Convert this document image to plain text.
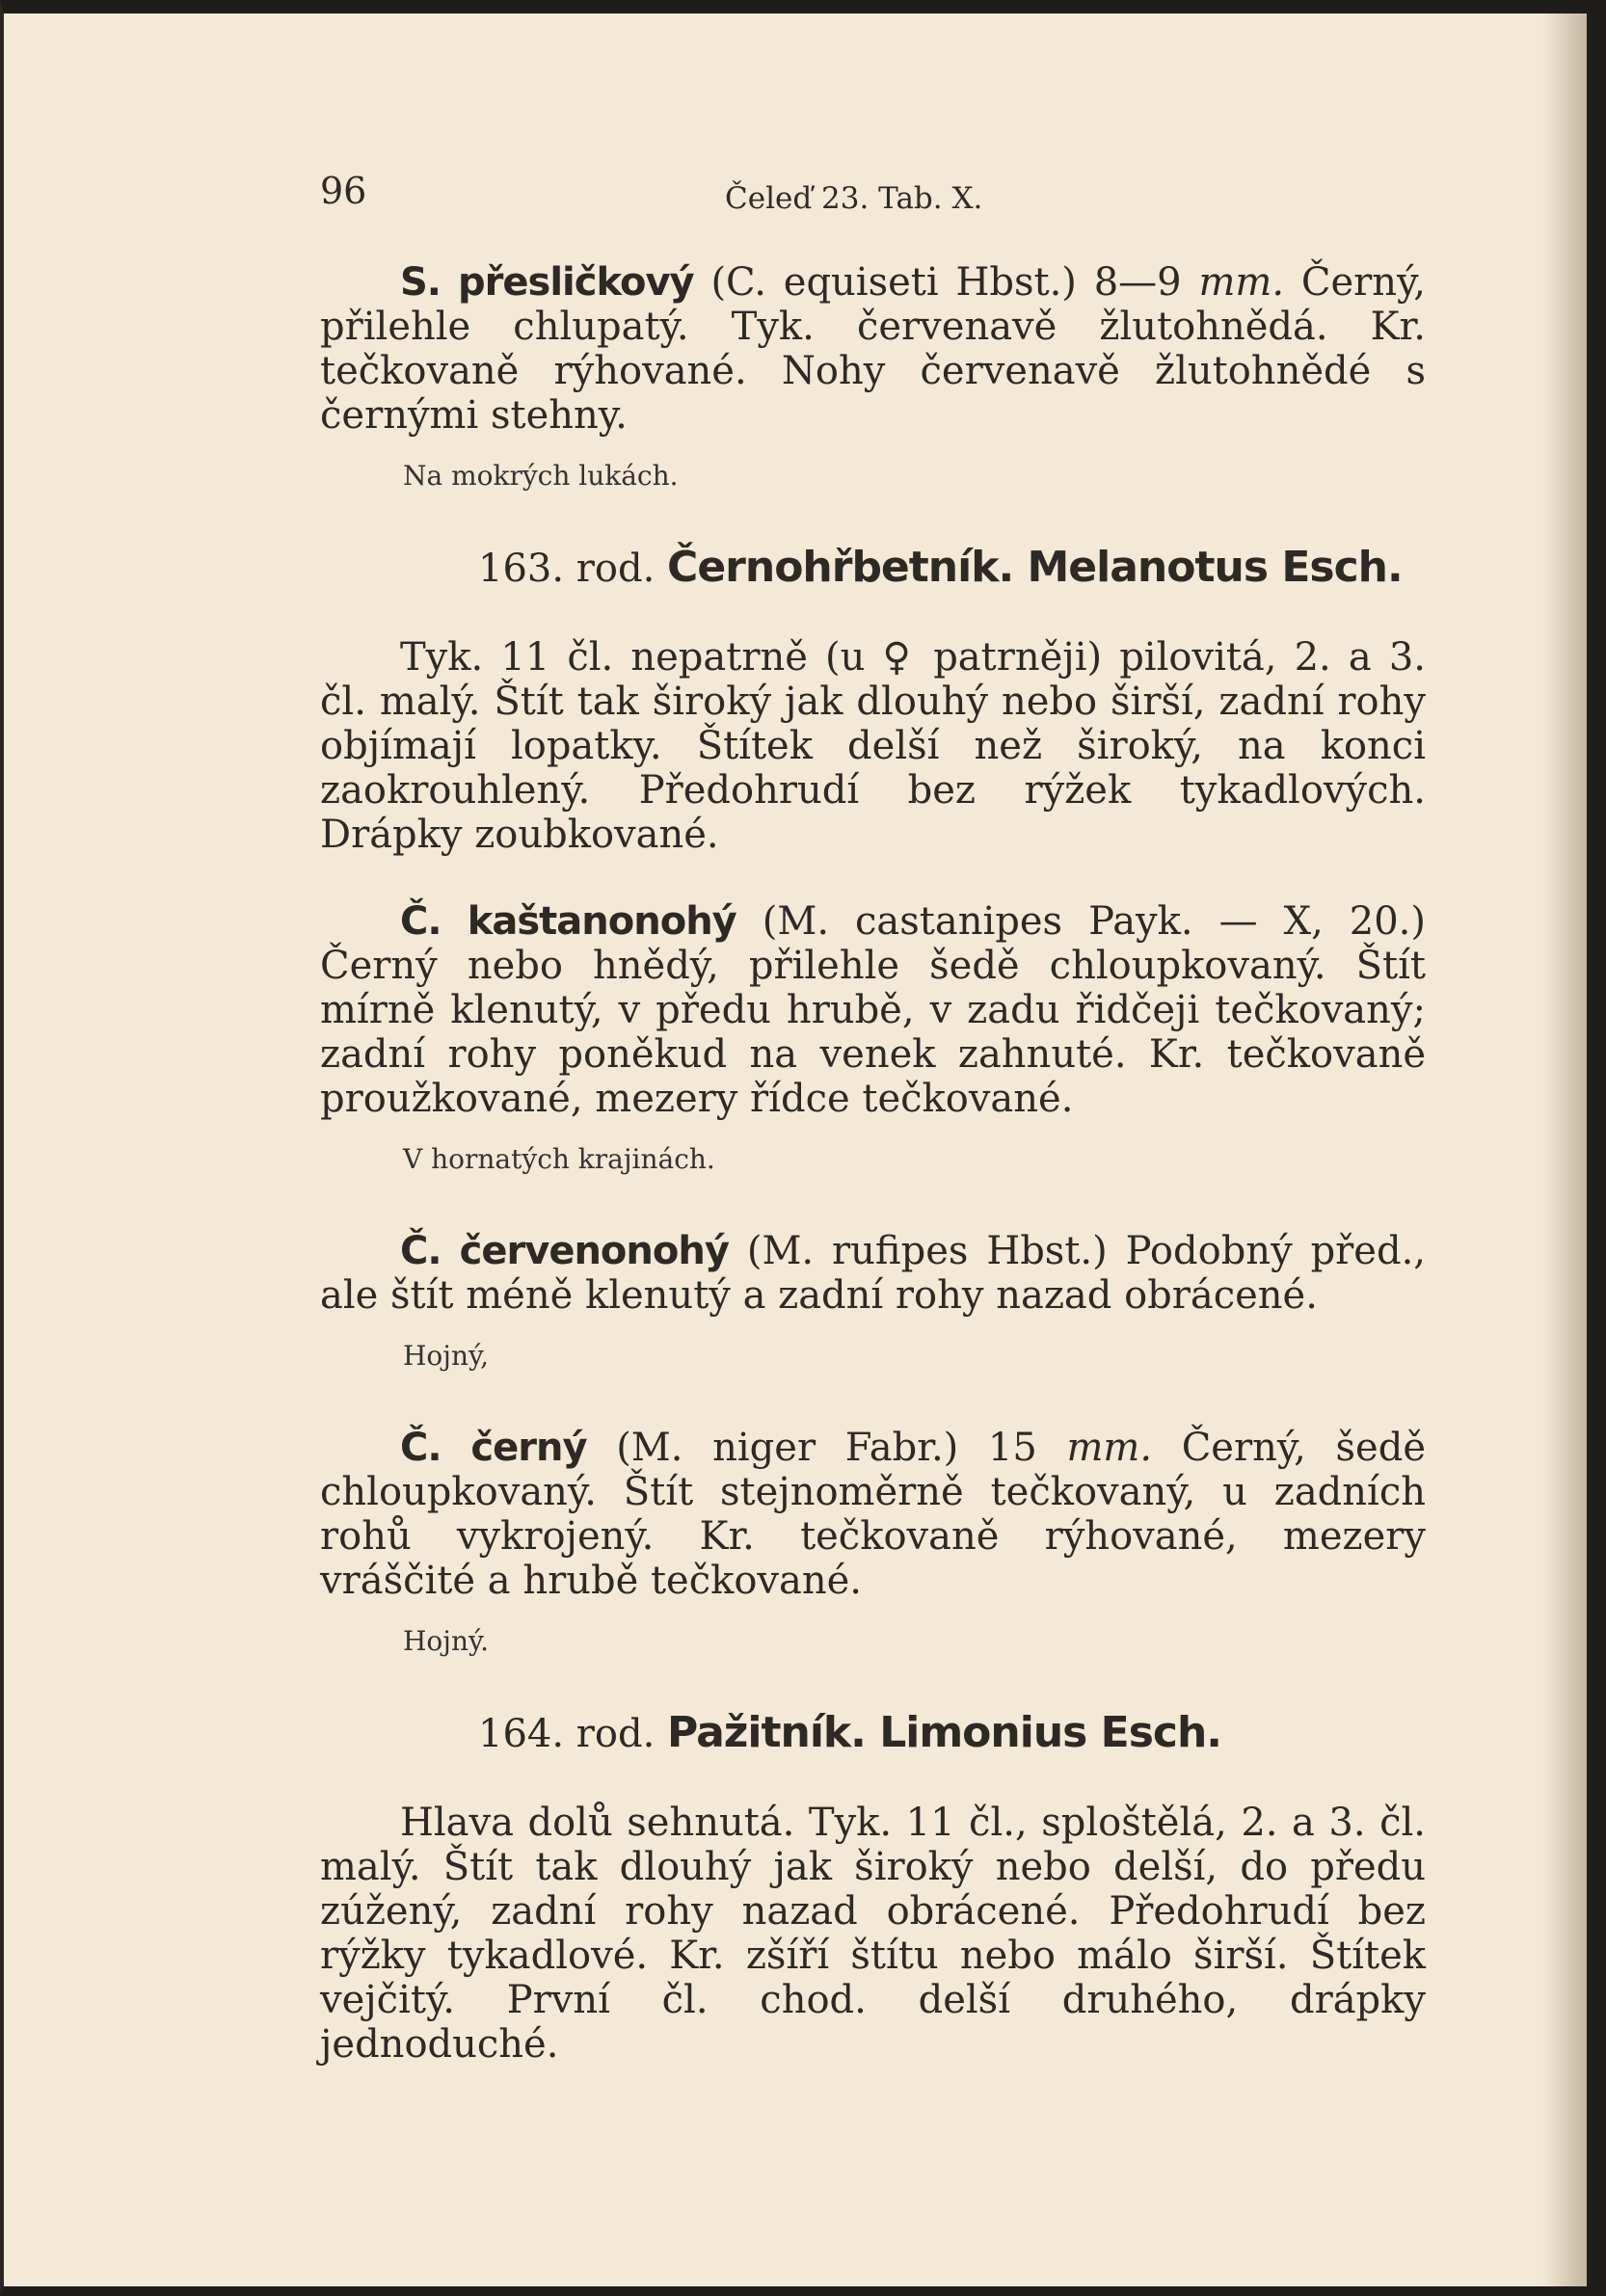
96	Čeleď 23. Tab. X.

S. přesličkový (C. equiseti Hbst.) 8—9 mm. Černý, přilehle chlupatý. Tyk. červenavě žlutohnědá. Kr. tečkovaně rýhované. Nohy červenavě žlutohnědé s černými stehny.

Na mokrých lukách.

163. rod. Černohřbetník. Melanotus Esch.

Tyk. 11 čl. nepatrně (u ♀ patrněji) pilovitá, 2. a 3. čl. malý. Štít tak široký jak dlouhý nebo širší, zadní rohy objímají lopatky. Štítek delší než široký, na konci zaokrouhlený. Předohrudí bez rýžek tykadlových. Drápky zoubkované.

Č. kaštanonohý (M. castanipes Payk. — X, 20.) Černý nebo hnědý, přilehle šedě chloupkovaný. Štít mírně klenutý, v předu hrubě, v zadu řidčeji tečkovaný; zadní rohy poněkud na venek zahnuté. Kr. tečkovaně proužkované, mezery řídce tečkované.

V hornatých krajinách.

Č. červenonohý (M. rufipes Hbst.) Podobný před., ale štít méně klenutý a zadní rohy nazad obrácené.

Hojný,

Č. černý (M. niger Fabr.) 15 mm. Černý, šedě chloupkovaný. Štít stejnoměrně tečkovaný, u zadních rohů vykrojený. Kr. tečkovaně rýhované, mezery vráščité a hrubě tečkované.

Hojný.

164. rod. Pažitník. Limonius Esch.

Hlava dolů sehnutá. Tyk. 11 čl., sploštělá, 2. a 3. čl. malý. Štít tak dlouhý jak široký nebo delší, do předu zúžený, zadní rohy nazad obrácené. Předohrudí bez rýžky tykadlové. Kr. zšíří štítu nebo málo širší. Štítek vejčitý. První čl. chod. delší druhého, drápky jednoduché.
